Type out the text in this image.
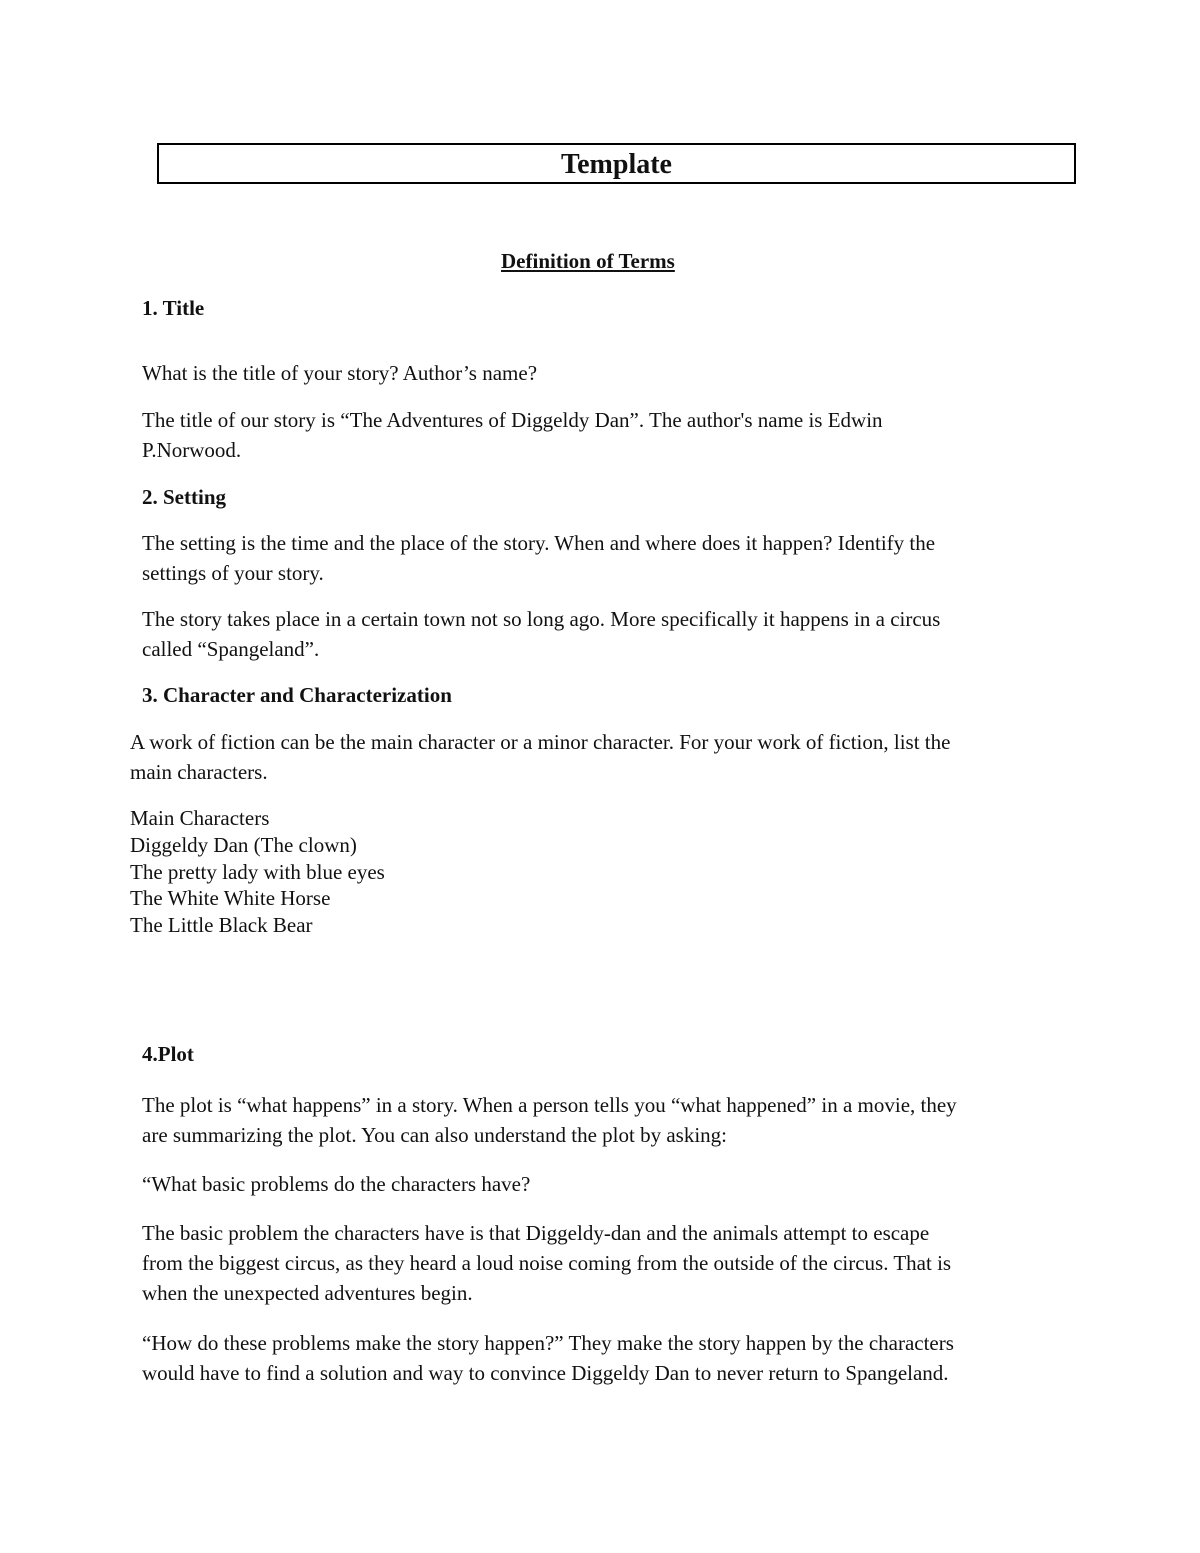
Template
Definition of Terms
1. Title
What is the title of your story? Author’s name?
The title of our story is “The Adventures of Diggeldy Dan”. The author's name is Edwin
P.Norwood.
2. Setting
The setting is the time and the place of the story. When and where does it happen? Identify the
settings of your story.
The story takes place in a certain town not so long ago. More specifically it happens in a circus
called “Spangeland”.
3. Character and Characterization
A work of fiction can be the main character or a minor character. For your work of fiction, list the
main characters.
Main Characters
Diggeldy Dan (The clown)
The pretty lady with blue eyes
The White White Horse
The Little Black Bear
4.Plot
The plot is “what happens” in a story. When a person tells you “what happened” in a movie, they
are summarizing the plot. You can also understand the plot by asking:
“What basic problems do the characters have?
The basic problem the characters have is that Diggeldy-dan and the animals attempt to escape
from the biggest circus, as they heard a loud noise coming from the outside of the circus. That is
when the unexpected adventures begin.
“How do these problems make the story happen?” They make the story happen by the characters
would have to find a solution and way to convince Diggeldy Dan to never return to Spangeland.
